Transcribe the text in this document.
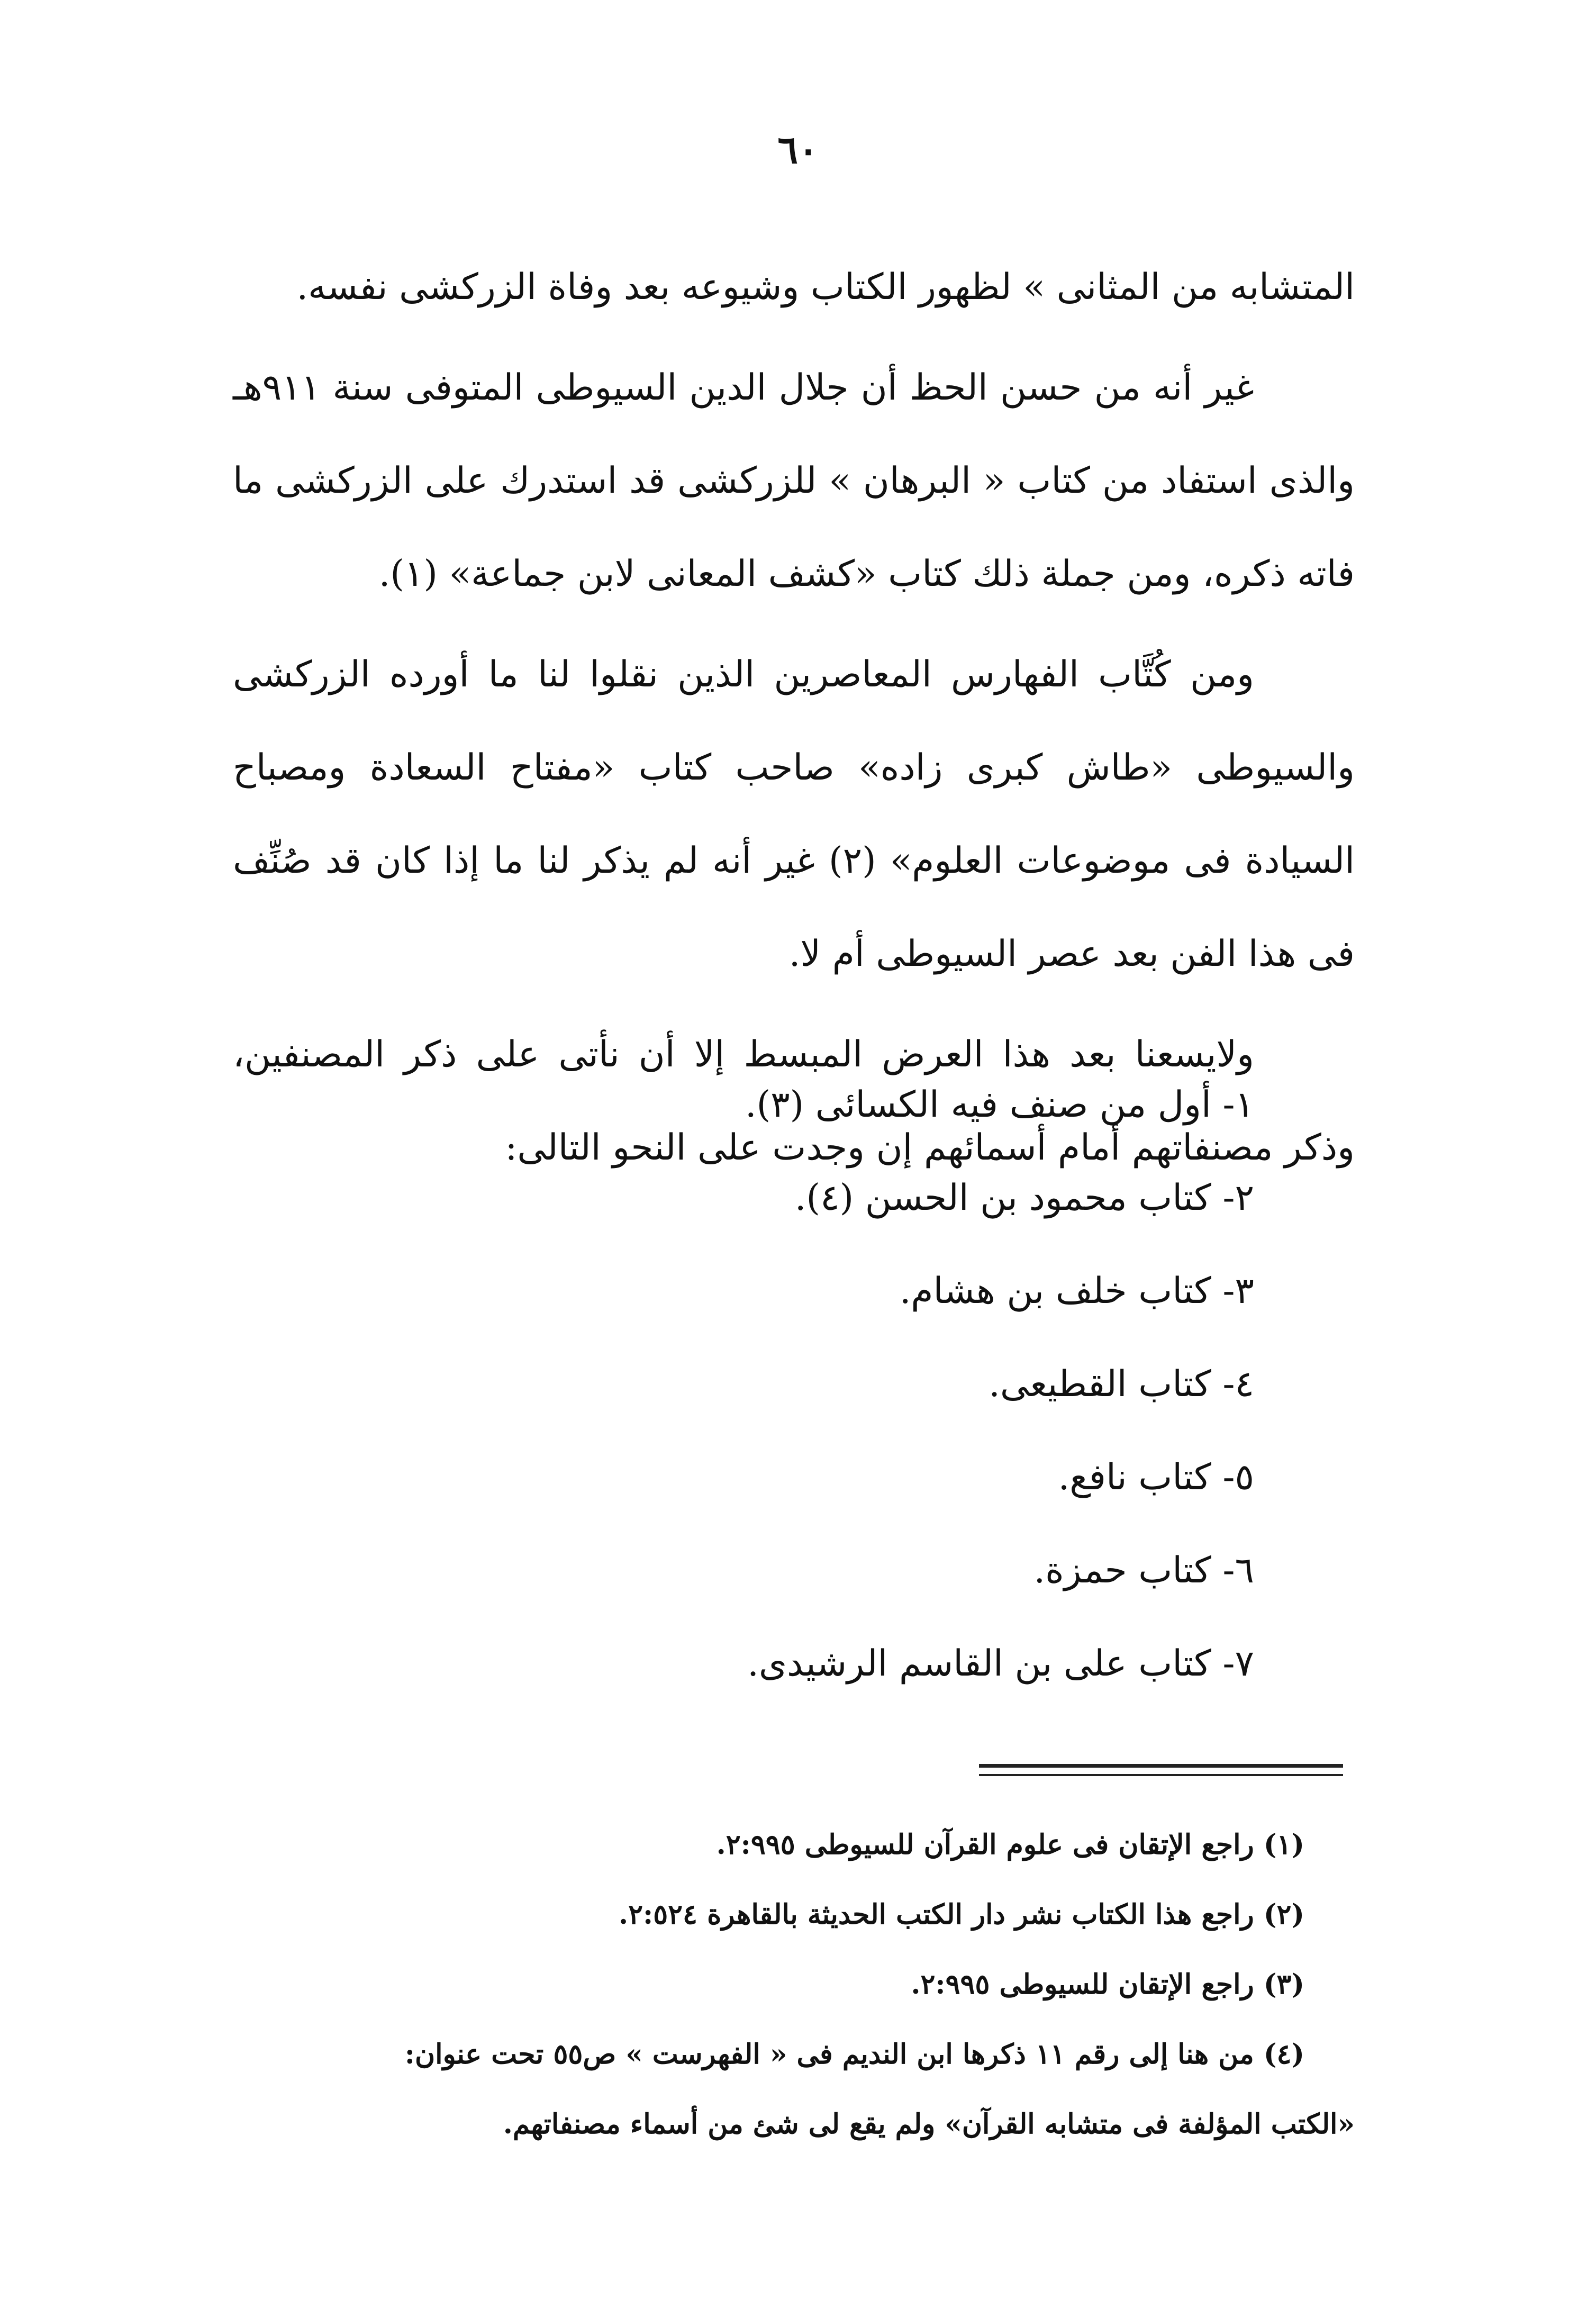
٦٠

المتشابه من المثانى » لظهور الكتاب وشيوعه بعد وفاة الزركشى نفسه.

غير أنه من حسن الحظ أن جلال الدين السيوطى المتوفى سنة ٩١١هـ والذى استفاد من كتاب « البرهان » للزركشى قد استدرك على الزركشى ما فاته ذكره، ومن جملة ذلك كتاب «كشف المعانى لابن جماعة» (١).

ومن كُتَّاب الفهارس المعاصرين الذين نقلوا لنا ما أورده الزركشى والسيوطى «طاش كبرى زاده» صاحب كتاب «مفتاح السعادة ومصباح السيادة فى موضوعات العلوم» (٢) غير أنه لم يذكر لنا ما إذا كان قد صُنِّف فى هذا الفن بعد عصر السيوطى أم لا.

ولايسعنا بعد هذا العرض المبسط إلا أن نأتى على ذكر المصنفين، وذكر مصنفاتهم أمام أسمائهم إن وجدت على النحو التالى:

١- أول من صنف فيه الكسائى (٣).

٢- كتاب محمود بن الحسن (٤).

٣- كتاب خلف بن هشام.

٤- كتاب القطيعى.

٥- كتاب نافع.

٦- كتاب حمزة.

٧- كتاب على بن القاسم الرشيدى.

(١) راجع الإتقان فى علوم القرآن للسيوطى ٢:٩٩٥.

(٢) راجع هذا الكتاب نشر دار الكتب الحديثة بالقاهرة ٢:٥٢٤.

(٣) راجع الإتقان للسيوطى ٢:٩٩٥.

(٤) من هنا إلى رقم ١١ ذكرها ابن النديم فى « الفهرست » ص٥٥ تحت عنوان:

«الكتب المؤلفة فى متشابه القرآن» ولم يقع لى شئ من أسماء مصنفاتهم.
